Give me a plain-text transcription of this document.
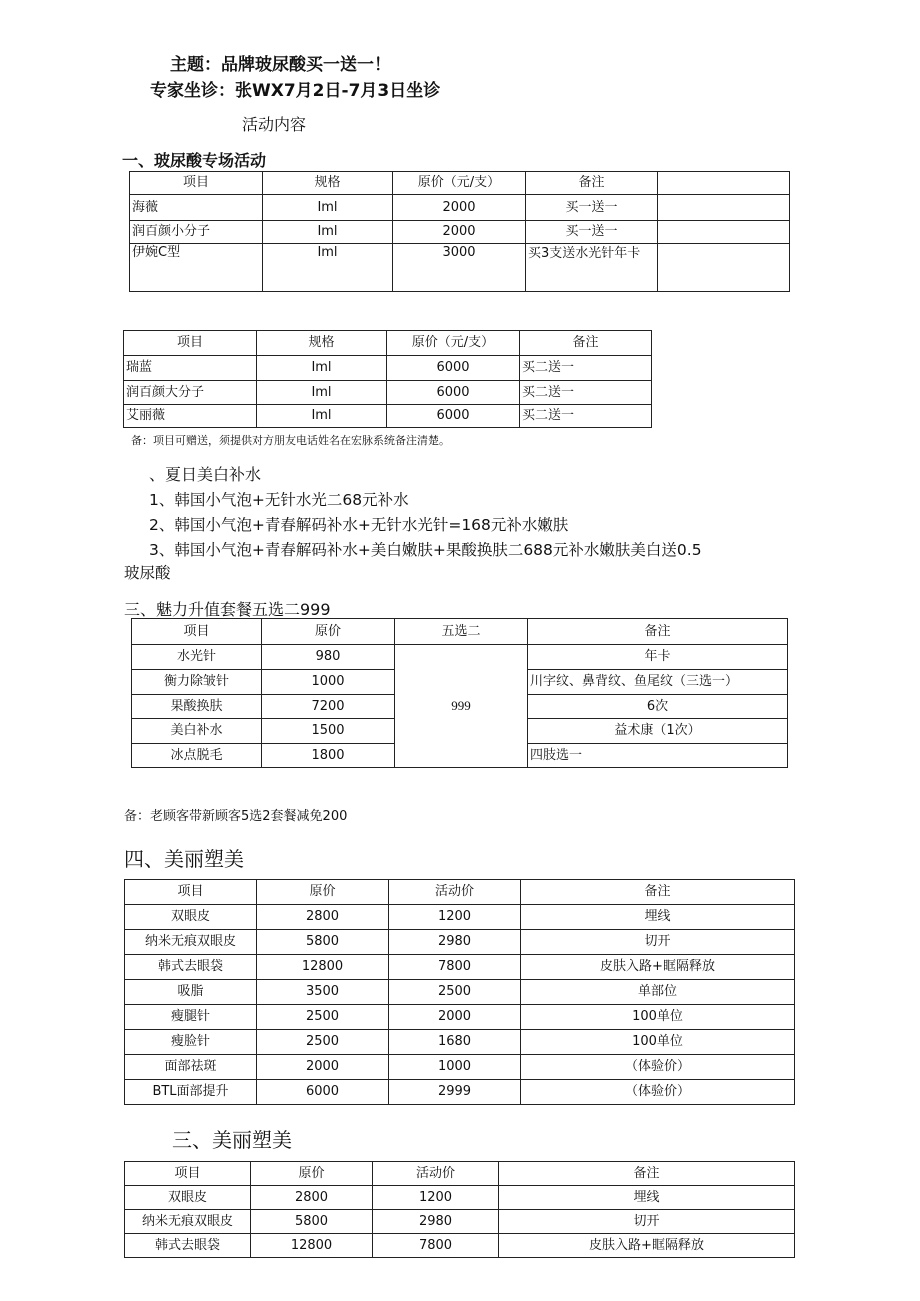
主题：品牌玻尿酸买一送一！
专家坐诊：张WX7月2日-7月3日坐诊
活动内容
一、玻尿酸专场活动
项目	规格	原价（元/支）	备注	
海薇	Iml	2000	买一送一	
润百颜小分子	Iml	2000	买一送一	
伊婉C型	Iml	3000	买3支送水光针年卡	
项目	规格	原价（元/支）	备注
瑞蓝	Iml	6000	买二送一
润百颜大分子	Iml	6000	买二送一
艾丽薇	Iml	6000	买二送一
备：项目可赠送，须提供对方朋友电话姓名在宏脉系统备注清楚。
、夏日美白补水
1、韩国小气泡+无针水光二68元补水
2、韩国小气泡+青春解码补水+无针水光针=168元补水嫩肤
3、韩国小气泡+青春解码补水+美白嫩肤+果酸换肤二688元补水嫩肤美白送0.5
玻尿酸
三、魅力升值套餐五选二999
项目	原价	五选二	备注
水光针	980	999	年卡
衡力除皱针	1000		川字纹、鼻背纹、鱼尾纹（三选一）
果酸换肤	7200		6次
美白补水	1500		益术康（1次）
冰点脱毛	1800		四肢选一
备：老顾客带新顾客5选2套餐减免200
四、美丽塑美
项目	原价	活动价	备注
双眼皮	2800	1200	埋线
纳米无痕双眼皮	5800	2980	切开
韩式去眼袋	12800	7800	皮肤入路+眶隔释放
吸脂	3500	2500	单部位
瘦腿针	2500	2000	100单位
瘦脸针	2500	1680	100单位
面部祛斑	2000	1000	（体验价）
BTL面部提升	6000	2999	（体验价）
三、美丽塑美
项目	原价	活动价	备注
双眼皮	2800	1200	埋线
纳米无痕双眼皮	5800	2980	切开
韩式去眼袋	12800	7800	皮肤入路+眶隔释放
